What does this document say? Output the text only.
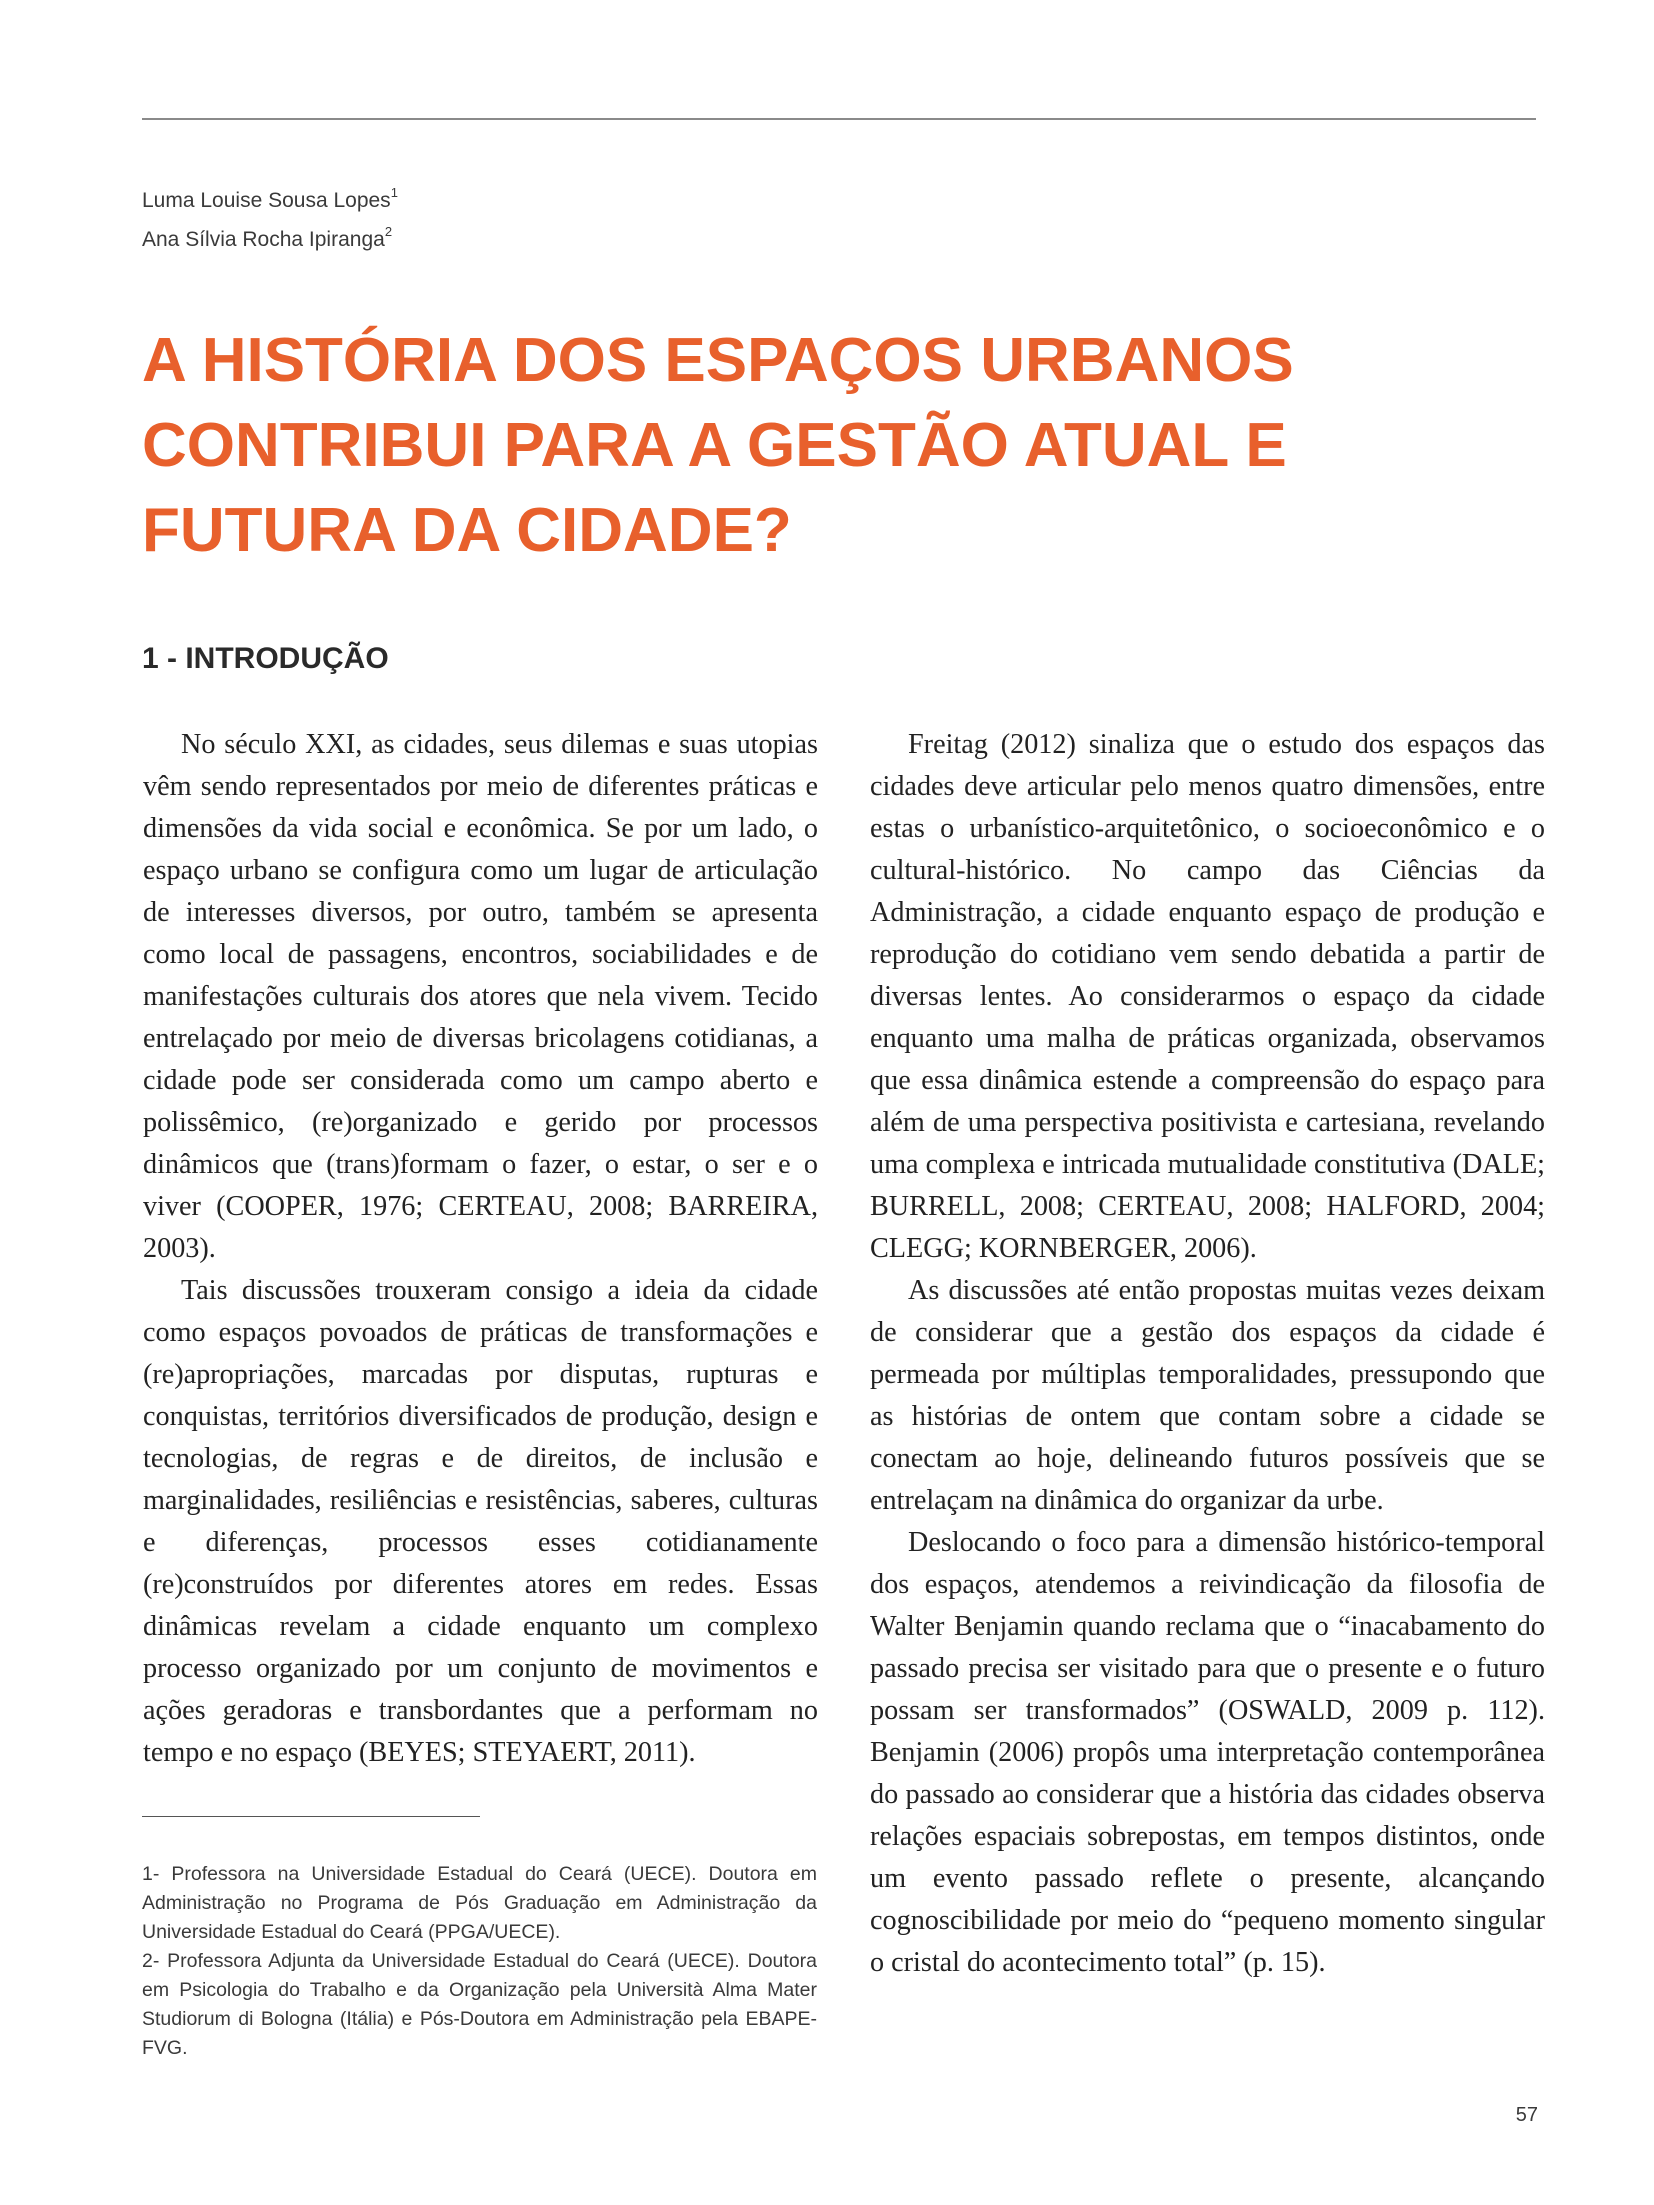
Luma Louise Sousa Lopes$^1$
Ana Sílvia Rocha Ipiranga$^2$
A HISTÓRIA DOS ESPAÇOS URBANOS
CONTRIBUI PARA A GESTÃO ATUAL E
FUTURA DA CIDADE?
1 - INTRODUÇÃO

No século XXI, as cidades, seus dilemas e suas utopias vêm sendo representados por meio de diferentes práticas e dimensões da vida social e econômica. Se por um lado, o espaço urbano se configura como um lugar de articulação de interesses diversos, por outro, também se apresenta como local de passagens, encontros, sociabilidades e de manifestações culturais dos atores que nela vivem. Tecido entrelaçado por meio de diversas bricolagens cotidianas, a cidade pode ser considerada como um campo aberto e polissêmico, (re)organizado e gerido por processos dinâmicos que (trans)formam o fazer, o estar, o ser e o viver (COOPER, 1976; CERTEAU, 2008; BARREIRA, 2003).

Tais discussões trouxeram consigo a ideia da cidade como espaços povoados de práticas de transformações e (re)apropriações, marcadas por disputas, rupturas e conquistas, territórios diversificados de produção, design e tecnologias, de regras e de direitos, de inclusão e marginalidades, resiliências e resistências, saberes, culturas e diferenças, processos esses cotidianamente (re)construídos por diferentes atores em redes. Essas dinâmicas revelam a cidade enquanto um complexo processo organizado por um conjunto de movimentos e ações geradoras e transbordantes que a performam no tempo e no espaço (BEYES; STEYAERT, 2011).

Freitag (2012) sinaliza que o estudo dos espaços das cidades deve articular pelo menos quatro dimensões, entre estas o urbanístico-arquitetônico, o socioeconômico e o cultural-histórico. No campo das Ciências da Administração, a cidade enquanto espaço de produção e reprodução do cotidiano vem sendo debatida a partir de diversas lentes. Ao considerarmos o espaço da cidade enquanto uma malha de práticas organizada, observamos que essa dinâmica estende a compreensão do espaço para além de uma perspectiva positivista e cartesiana, revelando uma complexa e intricada mutualidade constitutiva (DALE; BURRELL, 2008; CERTEAU, 2008; HALFORD, 2004; CLEGG; KORNBERGER, 2006).

As discussões até então propostas muitas vezes deixam de considerar que a gestão dos espaços da cidade é permeada por múltiplas temporalidades, pressupondo que as histórias de ontem que contam sobre a cidade se conectam ao hoje, delineando futuros possíveis que se entrelaçam na dinâmica do organizar da urbe.

Deslocando o foco para a dimensão histórico-temporal dos espaços, atendemos a reivindicação da filosofia de Walter Benjamin quando reclama que o “inacabamento do passado precisa ser visitado para que o presente e o futuro possam ser transformados” (OSWALD, 2009 p. 112). Benjamin (2006) propôs uma interpretação contemporânea do passado ao considerar que a história das cidades observa relações espaciais sobrepostas, em tempos distintos, onde um evento passado reflete o presente, alcançando cognoscibilidade por meio do “pequeno momento singular o cristal do acontecimento total” (p. 15).

1- Professora na Universidade Estadual do Ceará (UECE). Doutora em Administração no Programa de Pós Graduação em Administração da Universidade Estadual do Ceará (PPGA/UECE).

2- Professora Adjunta da Universidade Estadual do Ceará (UECE). Doutora em Psicologia do Trabalho e da Organização pela Università Alma Mater Studiorum di Bologna (Itália) e Pós-Doutora em Administração pela EBAPE-FVG.

57
